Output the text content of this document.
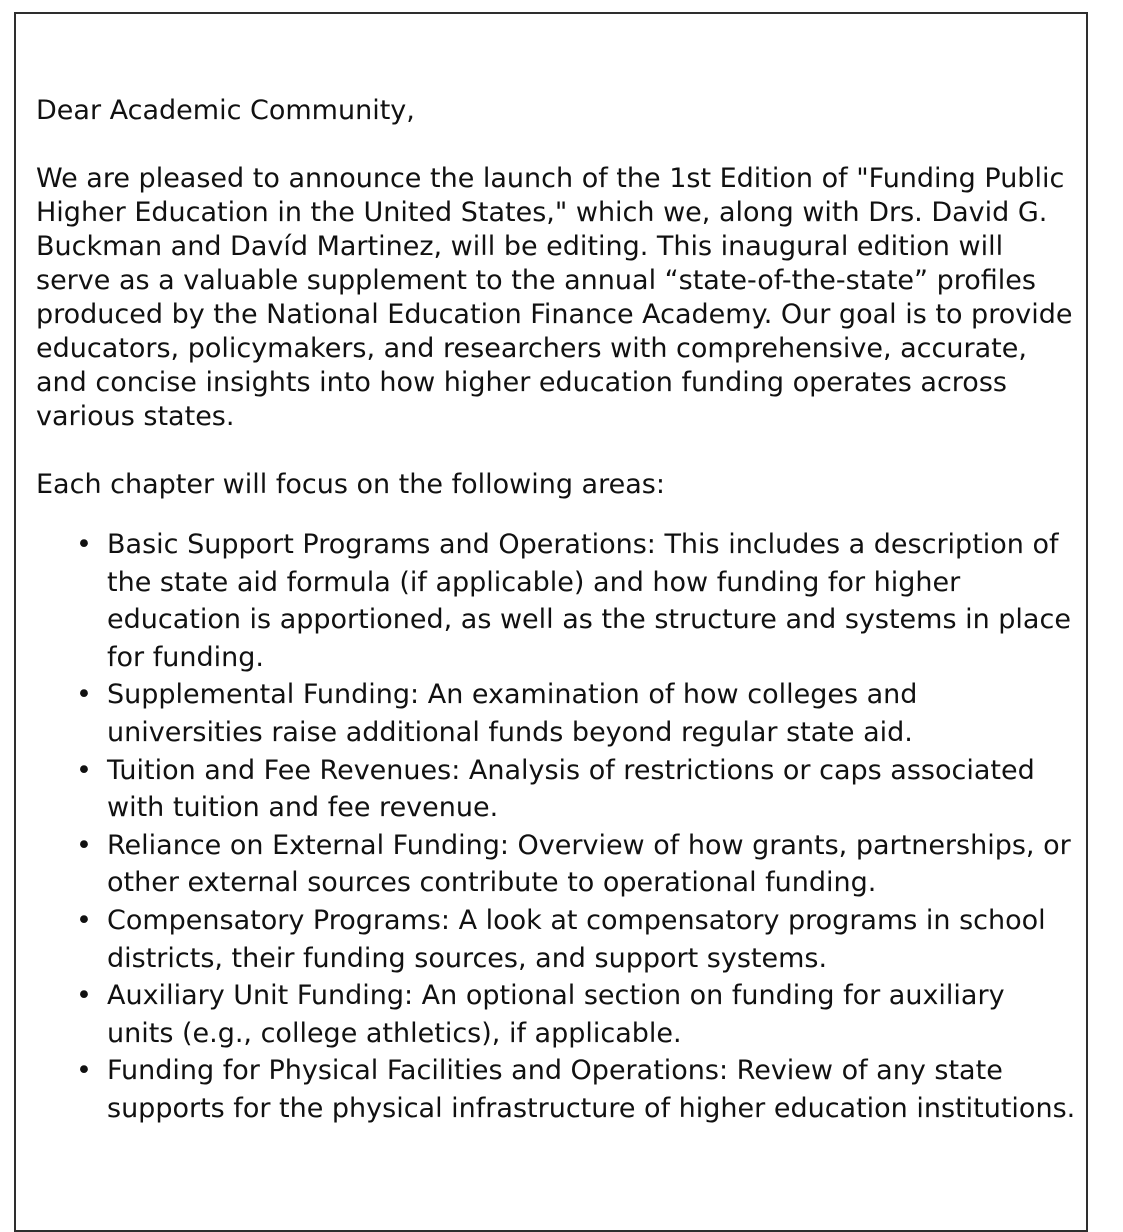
Dear Academic Community,

We are pleased to announce the launch of the 1st Edition of "Funding Public Higher Education in the United States," which we, along with Drs. David G. Buckman and Davíd Martinez, will be editing. This inaugural edition will serve as a valuable supplement to the annual “state-of-the-state” profiles produced by the National Education Finance Academy. Our goal is to provide educators, policymakers, and researchers with comprehensive, accurate, and concise insights into how higher education funding operates across various states.

Each chapter will focus on the following areas:

• Basic Support Programs and Operations: This includes a description of the state aid formula (if applicable) and how funding for higher education is apportioned, as well as the structure and systems in place for funding.
• Supplemental Funding: An examination of how colleges and universities raise additional funds beyond regular state aid.
• Tuition and Fee Revenues: Analysis of restrictions or caps associated with tuition and fee revenue.
• Reliance on External Funding: Overview of how grants, partnerships, or other external sources contribute to operational funding.
• Compensatory Programs: A look at compensatory programs in school districts, their funding sources, and support systems.
• Auxiliary Unit Funding: An optional section on funding for auxiliary units (e.g., college athletics), if applicable.
• Funding for Physical Facilities and Operations: Review of any state supports for the physical infrastructure of higher education institutions.
